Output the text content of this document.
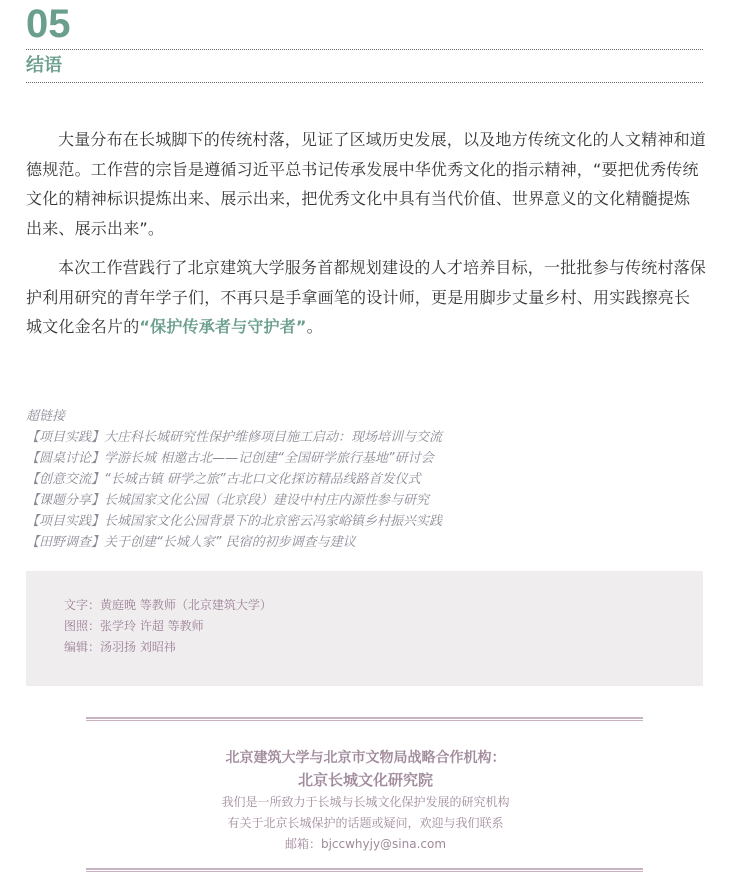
05
结语

大量分布在长城脚下的传统村落，见证了区域历史发展，以及地方传统文化的人文精神和道德规范。工作营的宗旨是遵循习近平总书记传承发展中华优秀文化的指示精神，“要把优秀传统文化的精神标识提炼出来、展示出来，把优秀文化中具有当代价值、世界意义的文化精髓提炼出来、展示出来”。

本次工作营践行了北京建筑大学服务首都规划建设的人才培养目标，一批批参与传统村落保护利用研究的青年学子们，不再只是手拿画笔的设计师，更是用脚步丈量乡村、用实践擦亮长城文化金名片的“保护传承者与守护者”。

超链接
【项目实践】大庄科长城研究性保护维修项目施工启动：现场培训与交流
【圆桌讨论】学游长城 相邀古北——记创建“全国研学旅行基地”研讨会
【创意交流】“长城古镇 研学之旅”古北口文化探访精品线路首发仪式
【课题分享】长城国家文化公园（北京段）建设中村庄内源性参与研究
【项目实践】长城国家文化公园背景下的北京密云冯家峪镇乡村振兴实践
【田野调查】关于创建“长城人家” 民宿的初步调查与建议
文字：黄庭晚 等教师（北京建筑大学）
图照：张学玲 许超 等教师
编辑：汤羽扬 刘昭祎
北京建筑大学与北京市文物局战略合作机构：
北京长城文化研究院
我们是一所致力于长城与长城文化保护发展的研究机构
有关于北京长城保护的话题或疑问，欢迎与我们联系
邮箱：bjccwhyjy@sina.com
